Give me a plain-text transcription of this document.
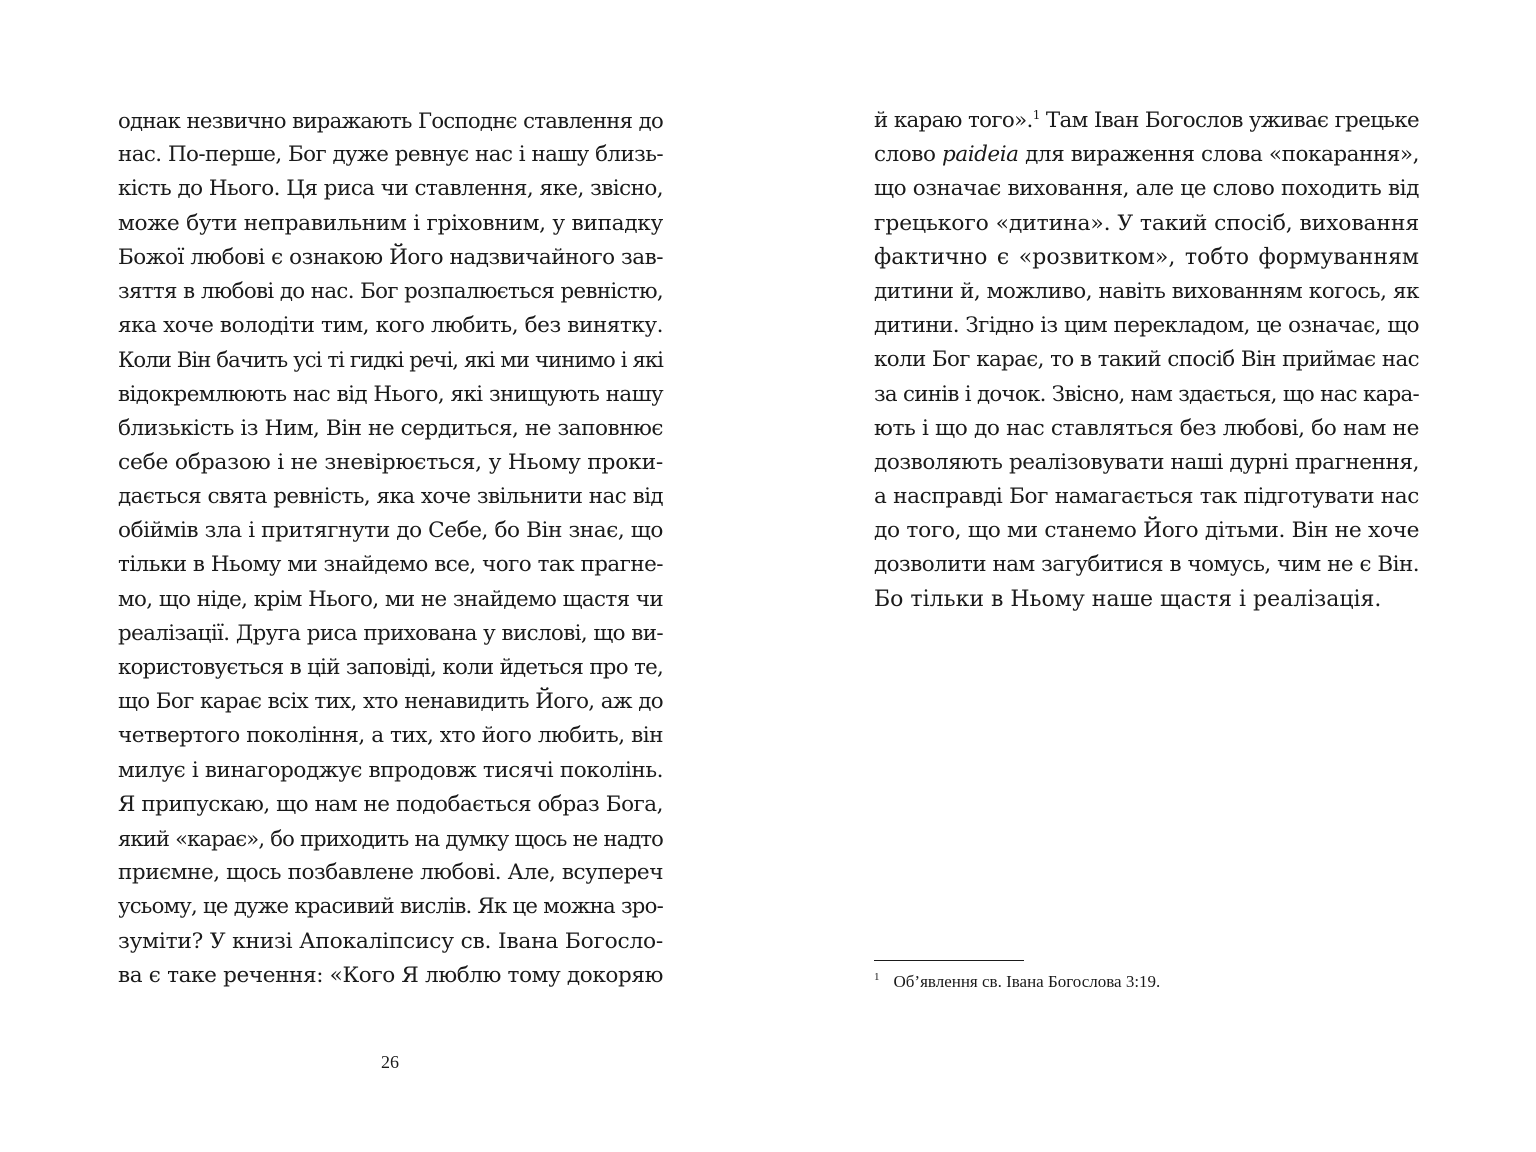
однак незвично виражають Господнє ставлення до
нас. По-перше, Бог дуже ревнує нас і нашу близь-
кість до Нього. Ця риса чи ставлення, яке, звісно,
може бути неправильним і гріховним, у випадку
Божої любові є ознакою Його надзвичайного зав-
зяття в любові до нас. Бог розпалюється ревністю,
яка хоче володіти тим, кого любить, без винятку.
Коли Він бачить усі ті гидкі речі, які ми чинимо і які
відокремлюють нас від Нього, які знищують нашу
близькість із Ним, Він не сердиться, не заповнює
себе образою і не зневірюється, у Ньому проки-
дається свята ревність, яка хоче звільнити нас від
обіймів зла і притягнути до Себе, бо Він знає, що
тільки в Ньому ми знайдемо все, чого так прагне-
мо, що ніде, крім Нього, ми не знайдемо щастя чи
реалізації. Друга риса прихована у вислові, що ви-
користовується в цій заповіді, коли йдеться про те,
що Бог карає всіх тих, хто ненавидить Його, аж до
четвертого покоління, а тих, хто його любить, він
милує і винагороджує впродовж тисячі поколінь.
Я припускаю, що нам не подобається образ Бога,
який «карає», бо приходить на думку щось не надто
приємне, щось позбавлене любові. Але, всупереч
усьому, це дуже красивий вислів. Як це можна зро-
зуміти? У книзі Апокаліпсису св. Івана Богослo-
ва є таке речення: «Кого Я люблю тому докоряю
26
й караю того».$^1$ Там Іван Богослов уживає грецьке
слово paideia для вираження слова «покарання»,
що означає виховання, але це слово походить від
грецького «дитина». У такий спосіб, виховання
фактично є «розвитком», тобто формуванням
дитини й, можливо, навіть вихованням когось, як
дитини. Згідно із цим перекладом, це означає, що
коли Бог карає, то в такий спосіб Він приймає нас
за синів і дочок. Звісно, нам здається, що нас кара-
ють і що до нас ставляться без любові, бо нам не
дозволяють реалізовувати наші дурні прагнення,
а насправді Бог намагається так підготувати нас
до того, що ми станемо Його дітьми. Він не хоче
дозволити нам загубитися в чомусь, чим не є Він.
Бо тільки в Ньому наше щастя і реалізація.
$^1$ Об’явлення св. Івана Богослова 3:19.
